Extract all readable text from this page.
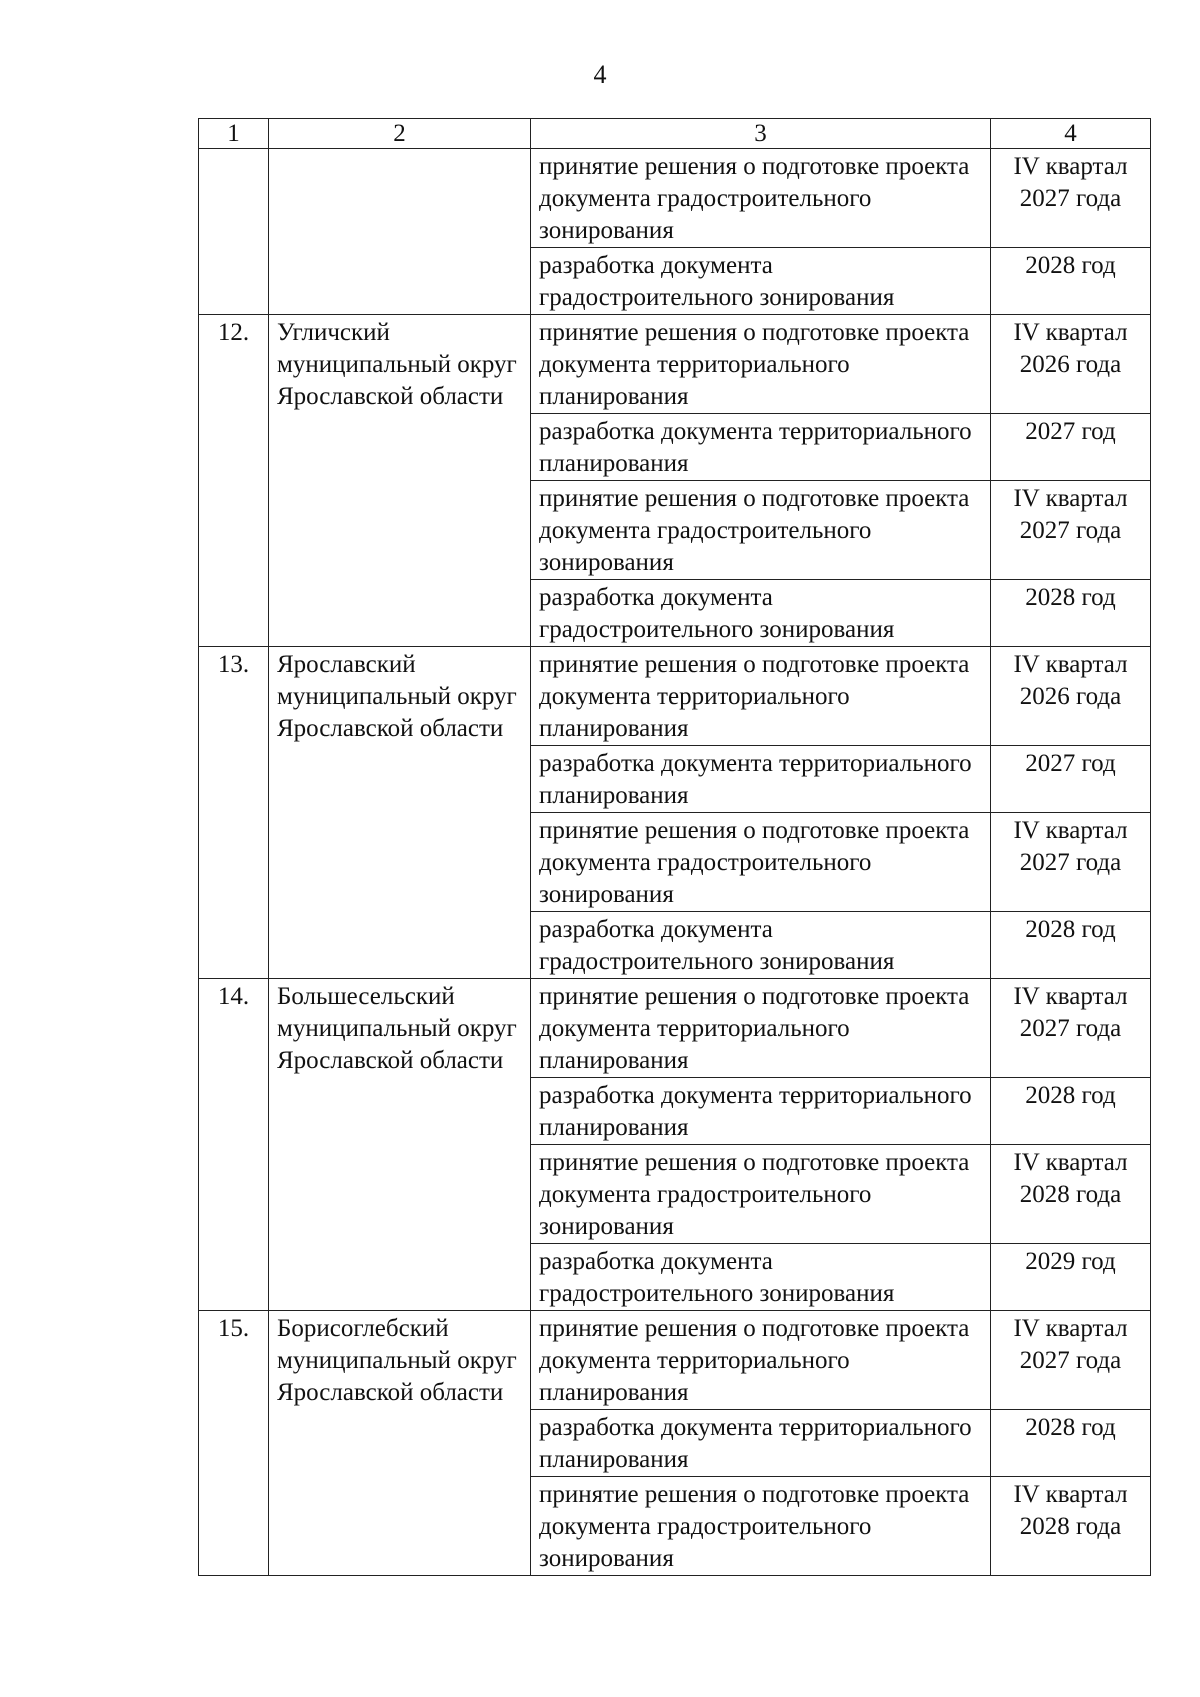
4
1	2	3	4
		принятие решения о подготовке проекта документа градостроительного зонирования	IV квартал 2027 года
		разработка документа градостроительного зонирования	2028 год
12.	Угличский муниципальный округ Ярославской области	принятие решения о подготовке проекта документа территориального планирования	IV квартал 2026 года
		разработка документа территориального планирования	2027 год
		принятие решения о подготовке проекта документа градостроительного зонирования	IV квартал 2027 года
		разработка документа градостроительного зонирования	2028 год
13.	Ярославский муниципальный округ Ярославской области	принятие решения о подготовке проекта документа территориального планирования	IV квартал 2026 года
		разработка документа территориального планирования	2027 год
		принятие решения о подготовке проекта документа градостроительного зонирования	IV квартал 2027 года
		разработка документа градостроительного зонирования	2028 год
14.	Большесельский муниципальный округ Ярославской области	принятие решения о подготовке проекта документа территориального планирования	IV квартал 2027 года
		разработка документа территориального планирования	2028 год
		принятие решения о подготовке проекта документа градостроительного зонирования	IV квартал 2028 года
		разработка документа градостроительного зонирования	2029 год
15.	Борисоглебский муниципальный округ Ярославской области	принятие решения о подготовке проекта документа территориального планирования	IV квартал 2027 года
		разработка документа территориального планирования	2028 год
		принятие решения о подготовке проекта документа градостроительного зонирования	IV квартал 2028 года
